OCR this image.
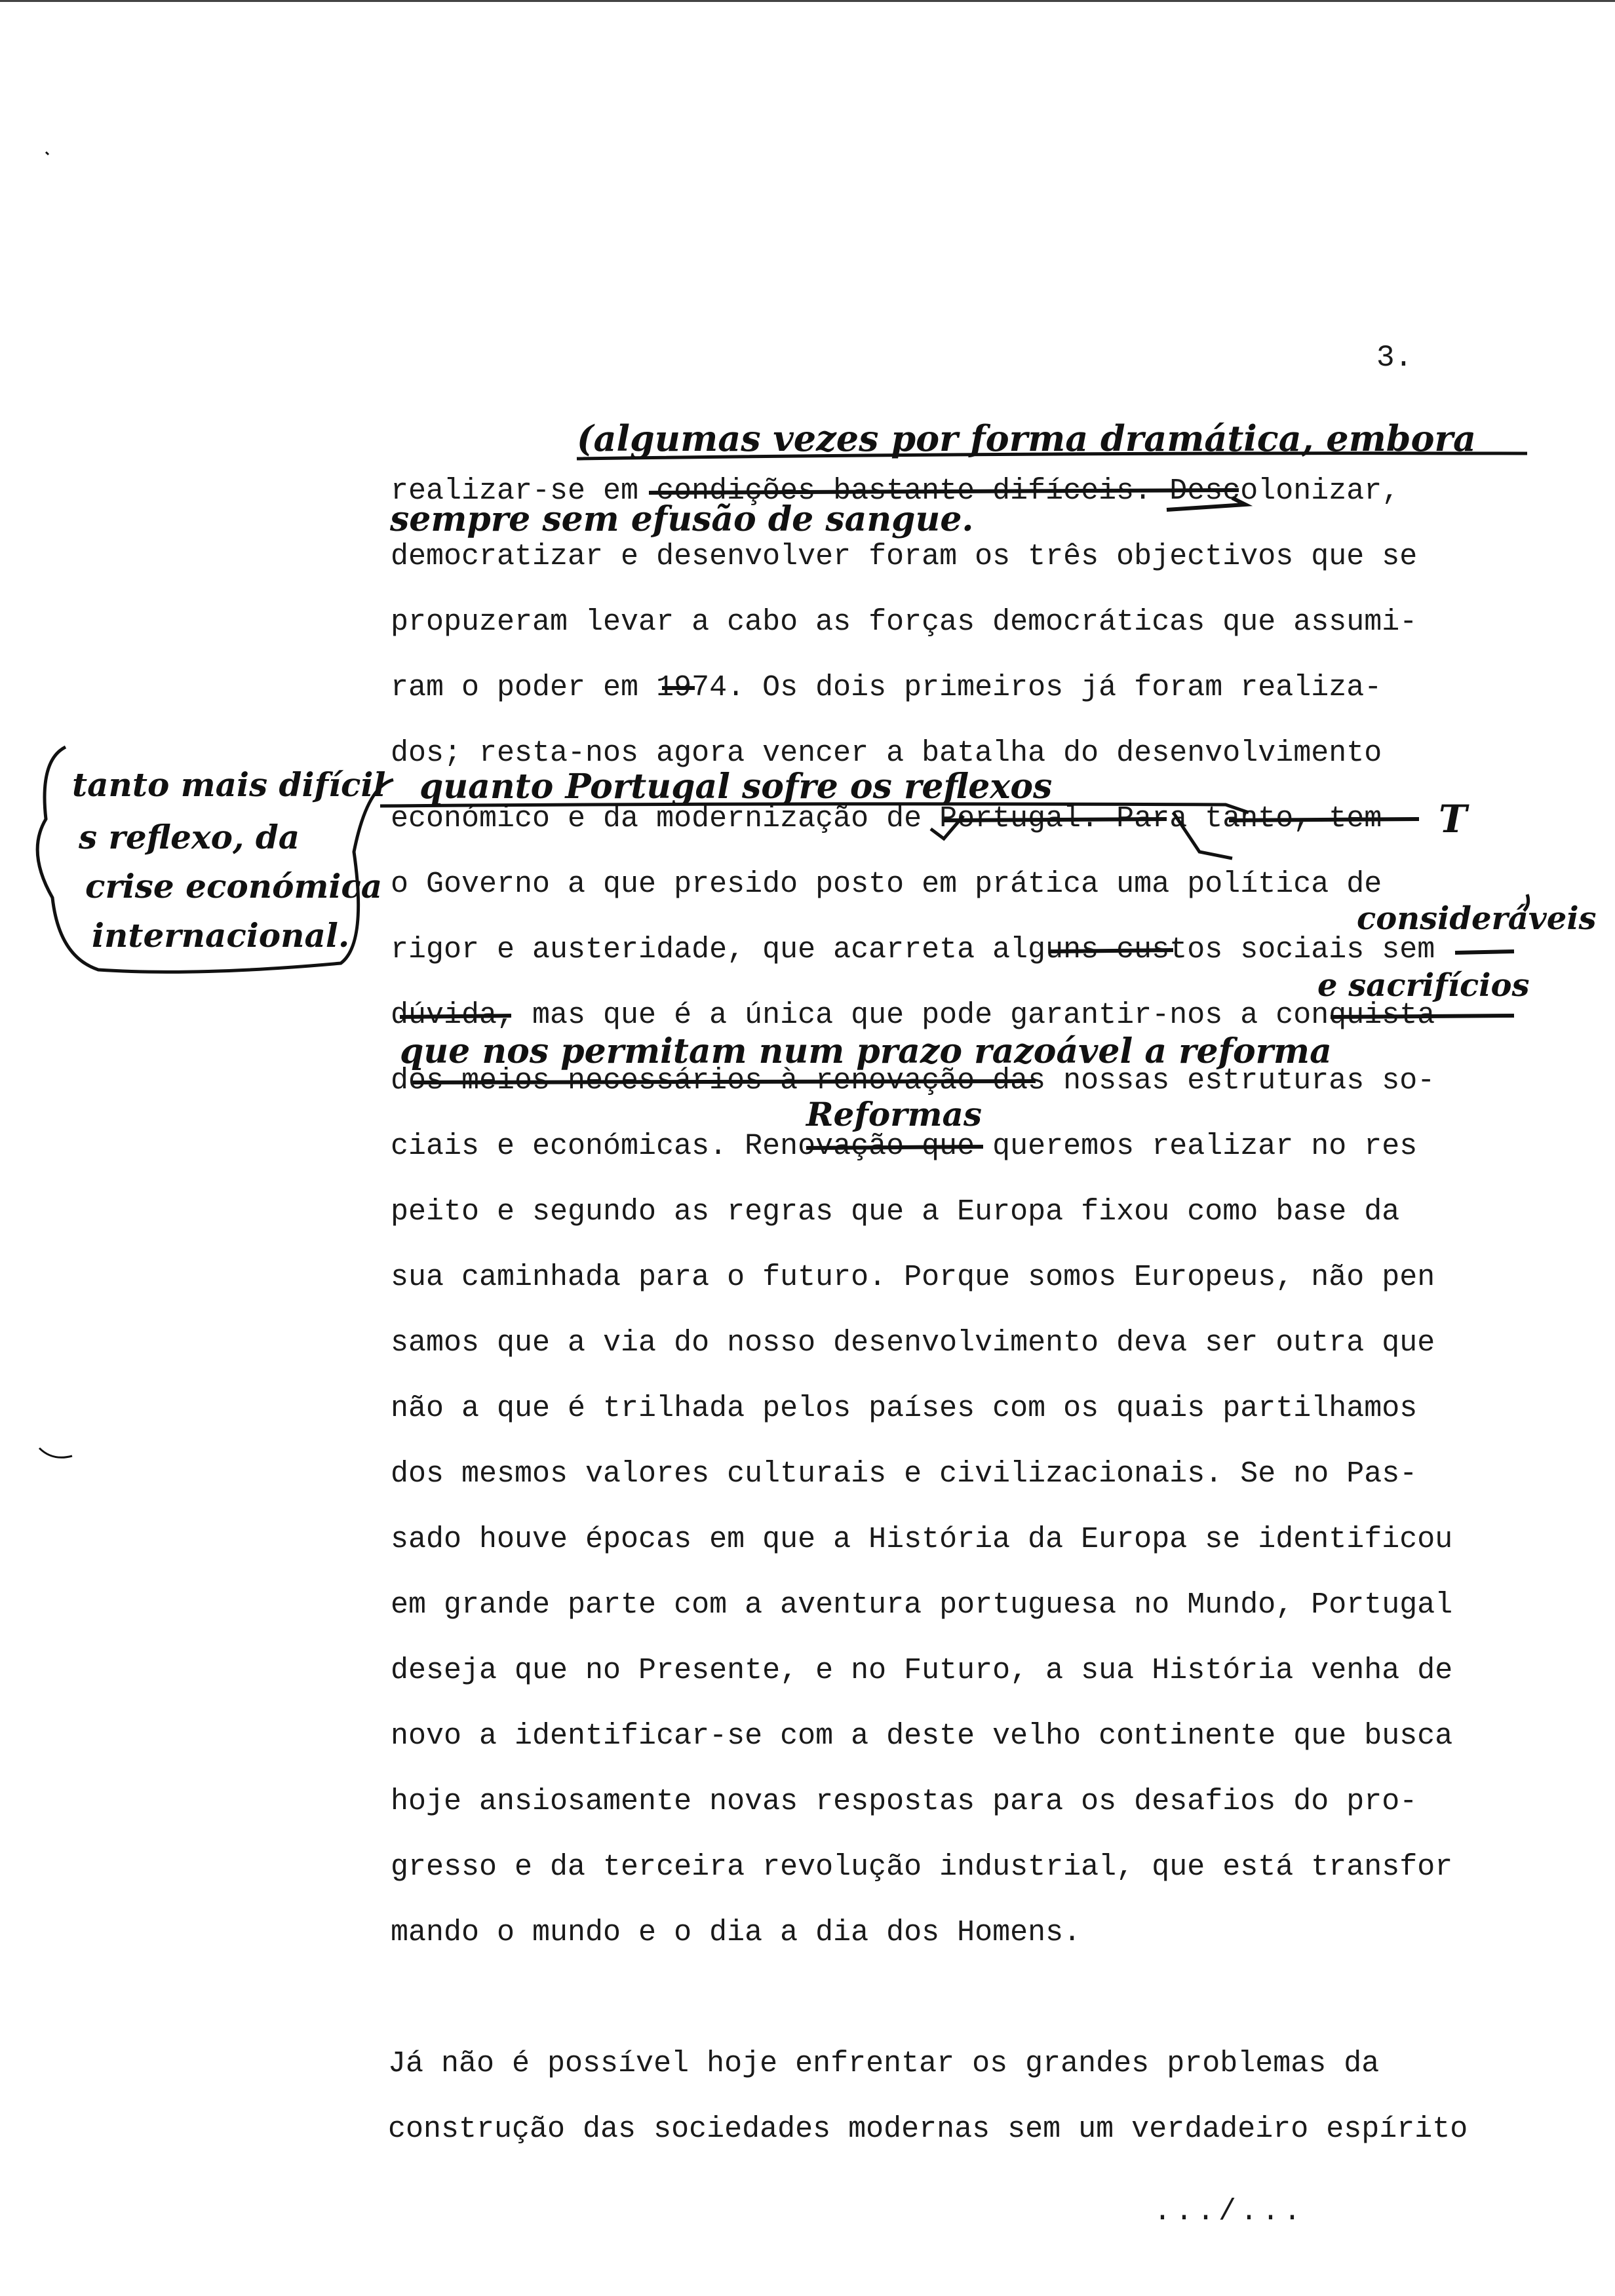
3.
realizar-se em condições bastante difíceis. Descolonizar,
democratizar e desenvolver foram os três objectivos que se
propuzeram levar a cabo as forças democráticas que assumi-
ram o poder em 1974. Os dois primeiros já foram realiza-
dos; resta-nos agora vencer a batalha do desenvolvimento
económico e da modernização de Portugal. Para tanto, tem
o Governo a que presido posto em prática uma política de
rigor e austeridade, que acarreta alguns custos sociais sem
dúvida, mas que é a única que pode garantir-nos a conquista
dos meios necessários à renovação das nossas estruturas so-
ciais e económicas. Renovação que queremos realizar no res
peito e segundo as regras que a Europa fixou como base da
sua caminhada para o futuro. Porque somos Europeus, não pen
samos que a via do nosso desenvolvimento deva ser outra que
não a que é trilhada pelos países com os quais partilhamos
dos mesmos valores culturais e civilizacionais. Se no Pas-
sado houve épocas em que a História da Europa se identificou
em grande parte com a aventura portuguesa no Mundo, Portugal
deseja que no Presente, e no Futuro, a sua História venha de
novo a identificar-se com a deste velho continente que busca
hoje ansiosamente novas respostas para os desafios do pro-
gresso e da terceira revolução industrial, que está transfor
mando o mundo e o dia a dia dos Homens.
Já não é possível hoje enfrentar os grandes problemas da
construção das sociedades modernas sem um verdadeiro espírito
.../...
(algumas vezes por forma dramática, embora
sempre sem efusão de sangue.
tanto mais difícil
s reflexo, da
crise económica
internacional.
quanto Portugal sofre os reflexos
T
consideráveis
e sacrifícios
que nos permitam num prazo razoável a reforma
Reformas
